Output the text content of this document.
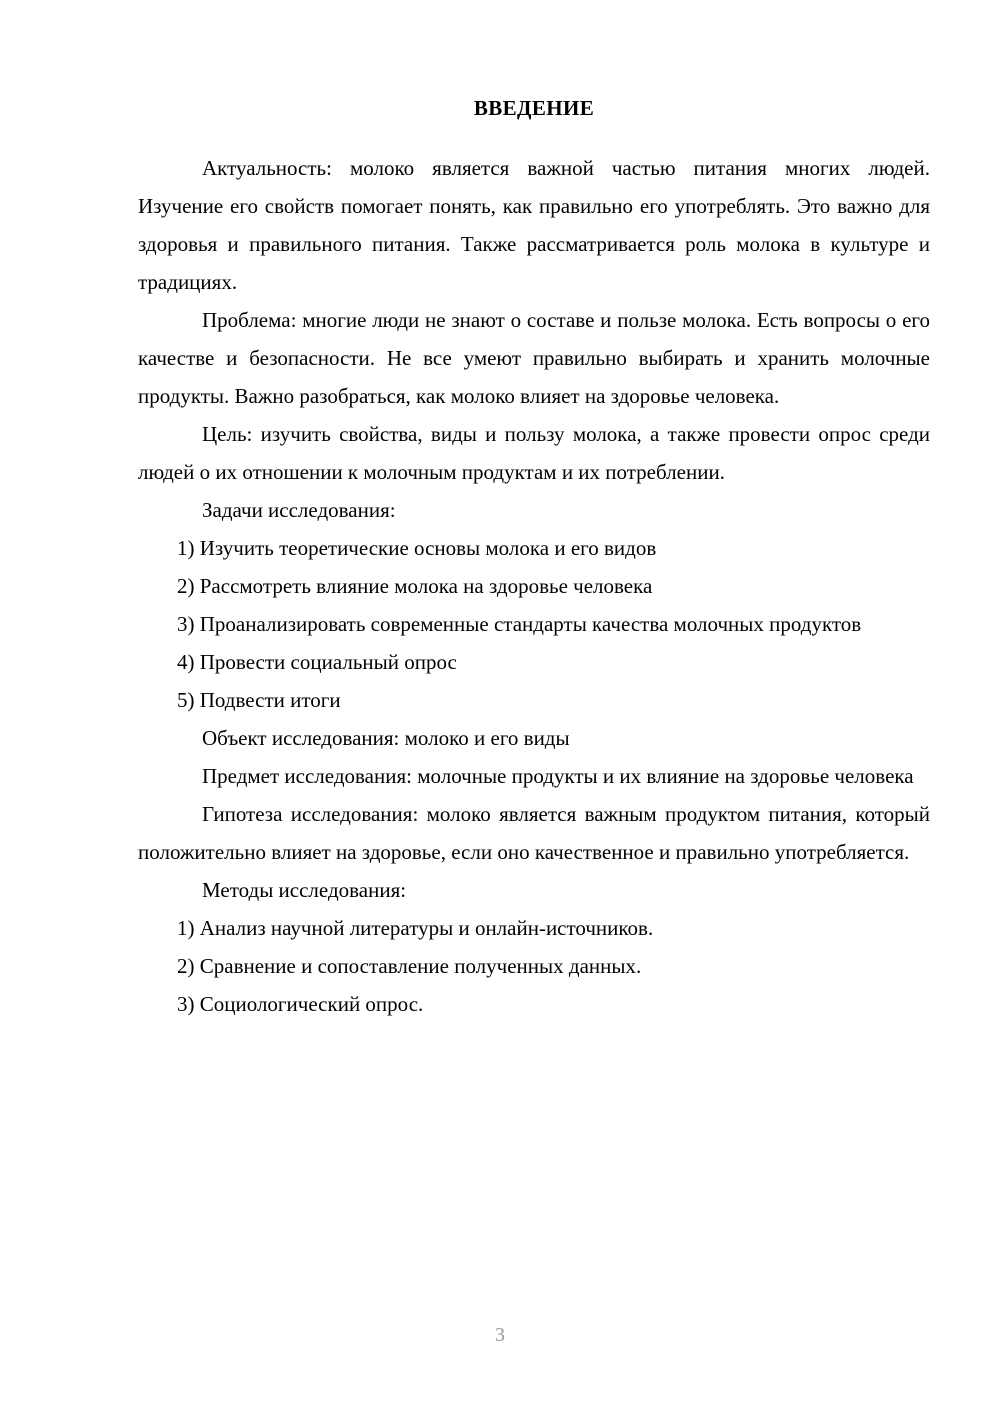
ВВЕДЕНИЕ

Актуальность: молоко является важной частью питания многих людей. Изучение его свойств помогает понять, как правильно его употреблять. Это важно для здоровья и правильного питания. Также рассматривается роль молока в культуре и традициях.

Проблема: многие люди не знают о составе и пользе молока. Есть вопросы о его качестве и безопасности. Не все умеют правильно выбирать и хранить молочные продукты. Важно разобраться, как молоко влияет на здоровье человека.

Цель: изучить свойства, виды и пользу молока, а также провести опрос среди людей о их отношении к молочным продуктам и их потреблении.

Задачи исследования:

1) Изучить теоретические основы молока и его видов

2) Рассмотреть влияние молока на здоровье человека

3) Проанализировать современные стандарты качества молочных продуктов

4) Провести социальный опрос

5) Подвести итоги

Объект исследования: молоко и его виды

Предмет исследования: молочные продукты и их влияние на здоровье человека

Гипотеза исследования: молоко является важным продуктом питания, который положительно влияет на здоровье, если оно качественное и правильно употребляется.

Методы исследования:

1) Анализ научной литературы и онлайн-источников.

2) Сравнение и сопоставление полученных данных.

3) Социологический опрос.

3
